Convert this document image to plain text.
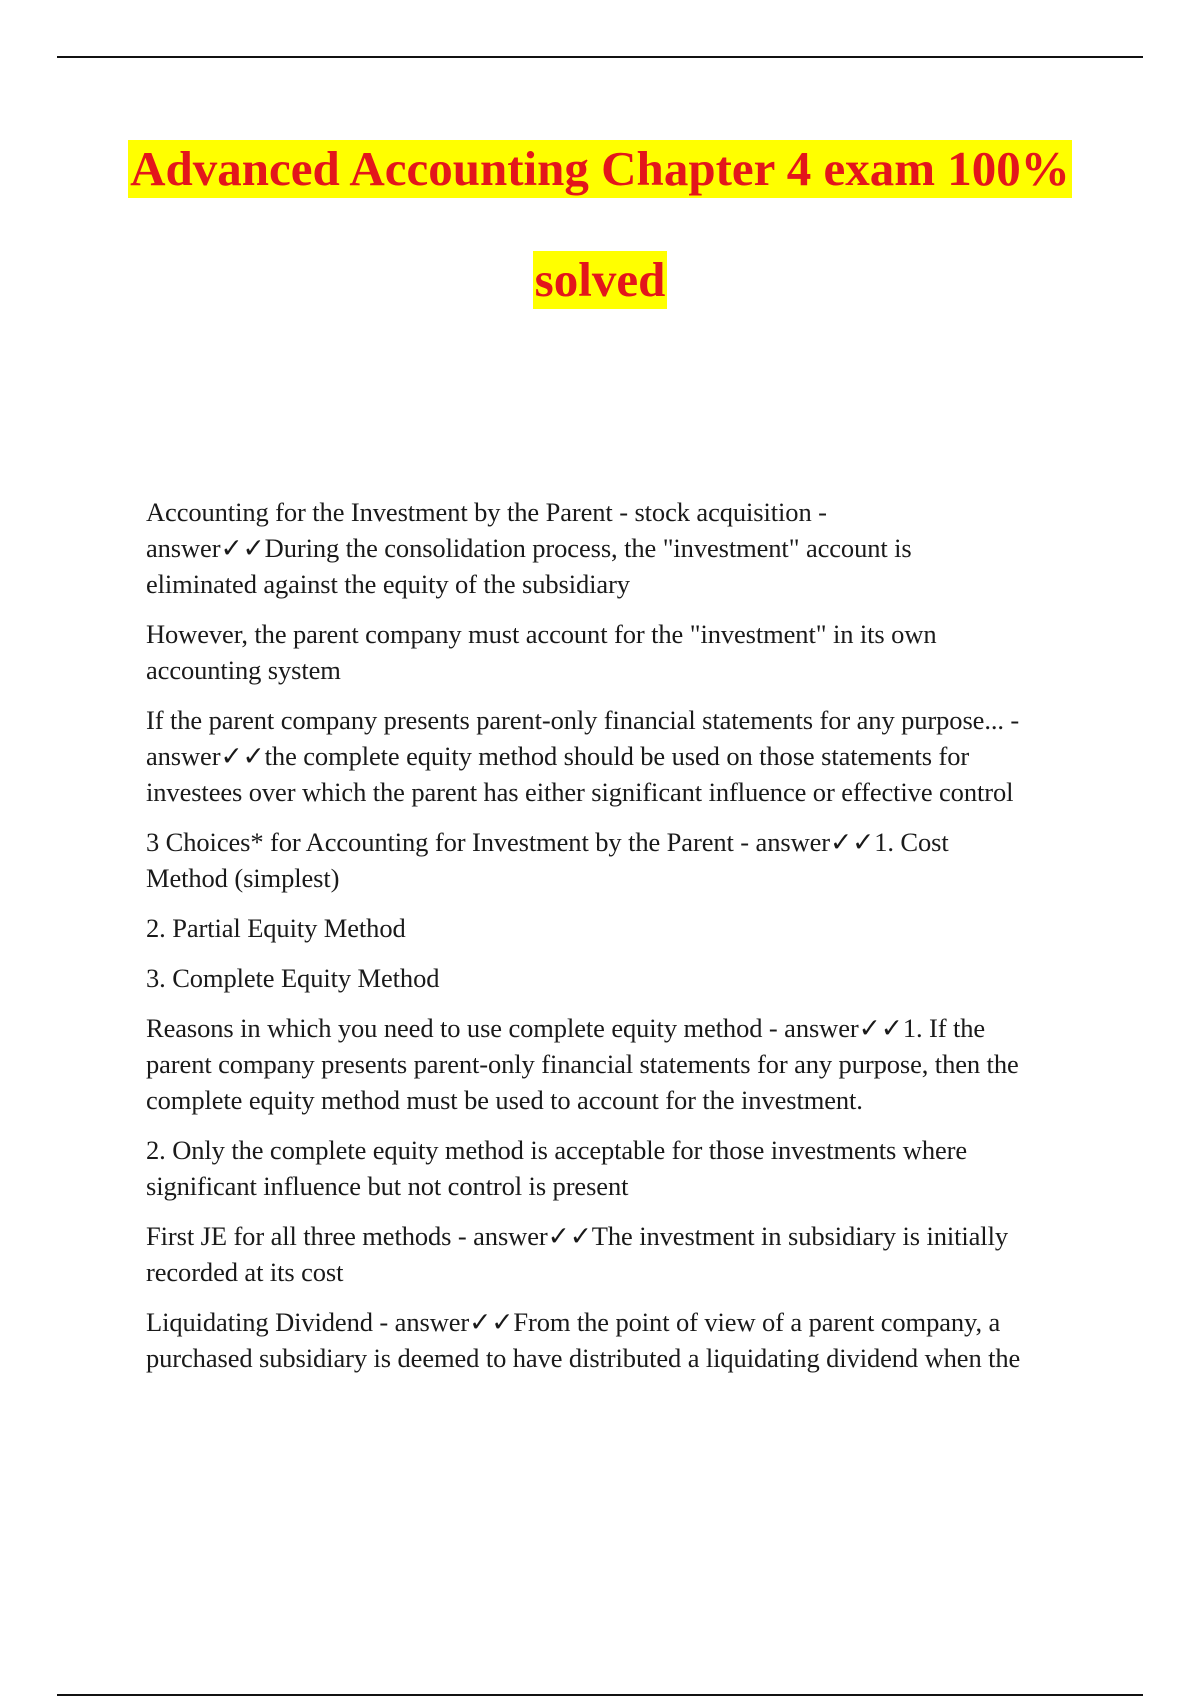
Advanced Accounting Chapter 4 exam 100%
solved
Accounting for the Investment by the Parent - stock acquisition -
answer✓✓During the consolidation process, the "investment" account is
eliminated against the equity of the subsidiary
However, the parent company must account for the "investment" in its own
accounting system
If the parent company presents parent-only financial statements for any purpose... -
answer✓✓the complete equity method should be used on those statements for
investees over which the parent has either significant influence or effective control
3 Choices* for Accounting for Investment by the Parent - answer✓✓1. Cost
Method (simplest)
2. Partial Equity Method
3. Complete Equity Method
Reasons in which you need to use complete equity method - answer✓✓1. If the
parent company presents parent-only financial statements for any purpose, then the
complete equity method must be used to account for the investment.
2. Only the complete equity method is acceptable for those investments where
significant influence but not control is present
First JE for all three methods - answer✓✓The investment in subsidiary is initially
recorded at its cost
Liquidating Dividend - answer✓✓From the point of view of a parent company, a
purchased subsidiary is deemed to have distributed a liquidating dividend when the
